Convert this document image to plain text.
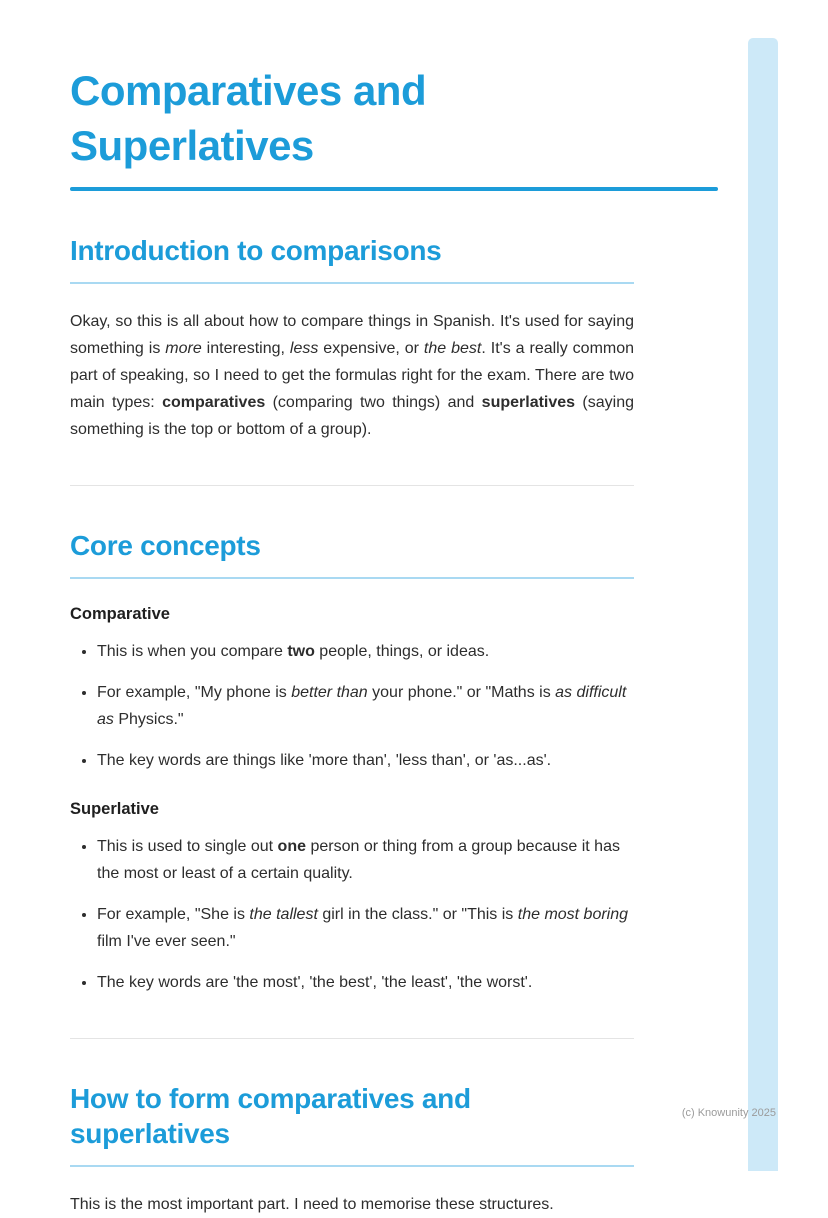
Comparatives and Superlatives
Introduction to comparisons

Okay, so this is all about how to compare things in Spanish. It's used for saying something is more interesting, less expensive, or the best. It's a really common part of speaking, so I need to get the formulas right for the exam. There are two main types: comparatives (comparing two things) and superlatives (saying something is the top or bottom of a group).

Core concepts
Comparative
• This is when you compare two people, things, or ideas.
• For example, "My phone is better than your phone." or "Maths is as difficult as Physics."
• The key words are things like 'more than', 'less than', or 'as...as'.
Superlative
• This is used to single out one person or thing from a group because it has the most or least of a certain quality.
• For example, "She is the tallest girl in the class." or "This is the most boring film I've ever seen."
• The key words are 'the most', 'the best', 'the least', 'the worst'.
How to form comparatives and superlatives

This is the most important part. I need to memorise these structures.

(c) Knowunity 2025
